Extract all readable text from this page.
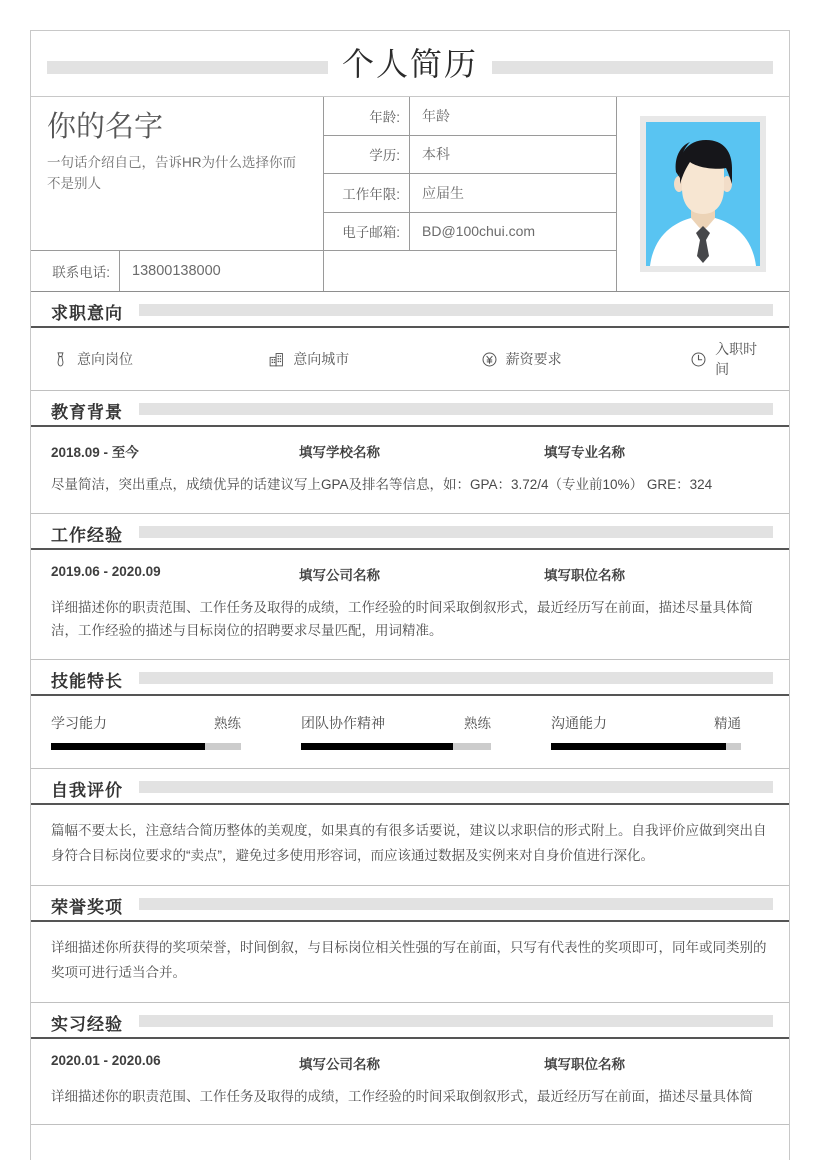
个人简历
你的名字
一句话介绍自己，告诉HR为什么选择你而不是别人
联系电话:	13800138000
年龄:	年龄
学历:	本科
工作年限:	应届生
电子邮箱:	BD@100chui.com
求职意向
意向岗位	意向城市	薪资要求
入职时间
教育背景
2018.09 - 至今	填写学校名称	填写专业名称
尽量简洁，突出重点，成绩优异的话建议写上GPA及排名等信息，如：GPA：3.72/4（专业前10%） GRE：324
工作经验
2019.06 - 2020.09	填写公司名称	填写职位名称
详细描述你的职责范围、工作任务及取得的成绩，工作经验的时间采取倒叙形式，最近经历写在前面，描述尽量具体简洁，工作经验的描述与目标岗位的招聘要求尽量匹配，用词精准。
技能特长
学习能力	熟练	团队协作精神	熟练	沟通能力	精通
自我评价
篇幅不要太长，注意结合简历整体的美观度，如果真的有很多话要说，建议以求职信的形式附上。自我评价应做到突出自身符合目标岗位要求的“卖点”，避免过多使用形容词，而应该通过数据及实例来对自身价值进行深化。
荣誉奖项
详细描述你所获得的奖项荣誉，时间倒叙，与目标岗位相关性强的写在前面，只写有代表性的奖项即可，同年或同类别的奖项可进行适当合并。
实习经验
2020.01 - 2020.06	填写公司名称	填写职位名称
详细描述你的职责范围、工作任务及取得的成绩，工作经验的时间采取倒叙形式，最近经历写在前面，描述尽量具体简
